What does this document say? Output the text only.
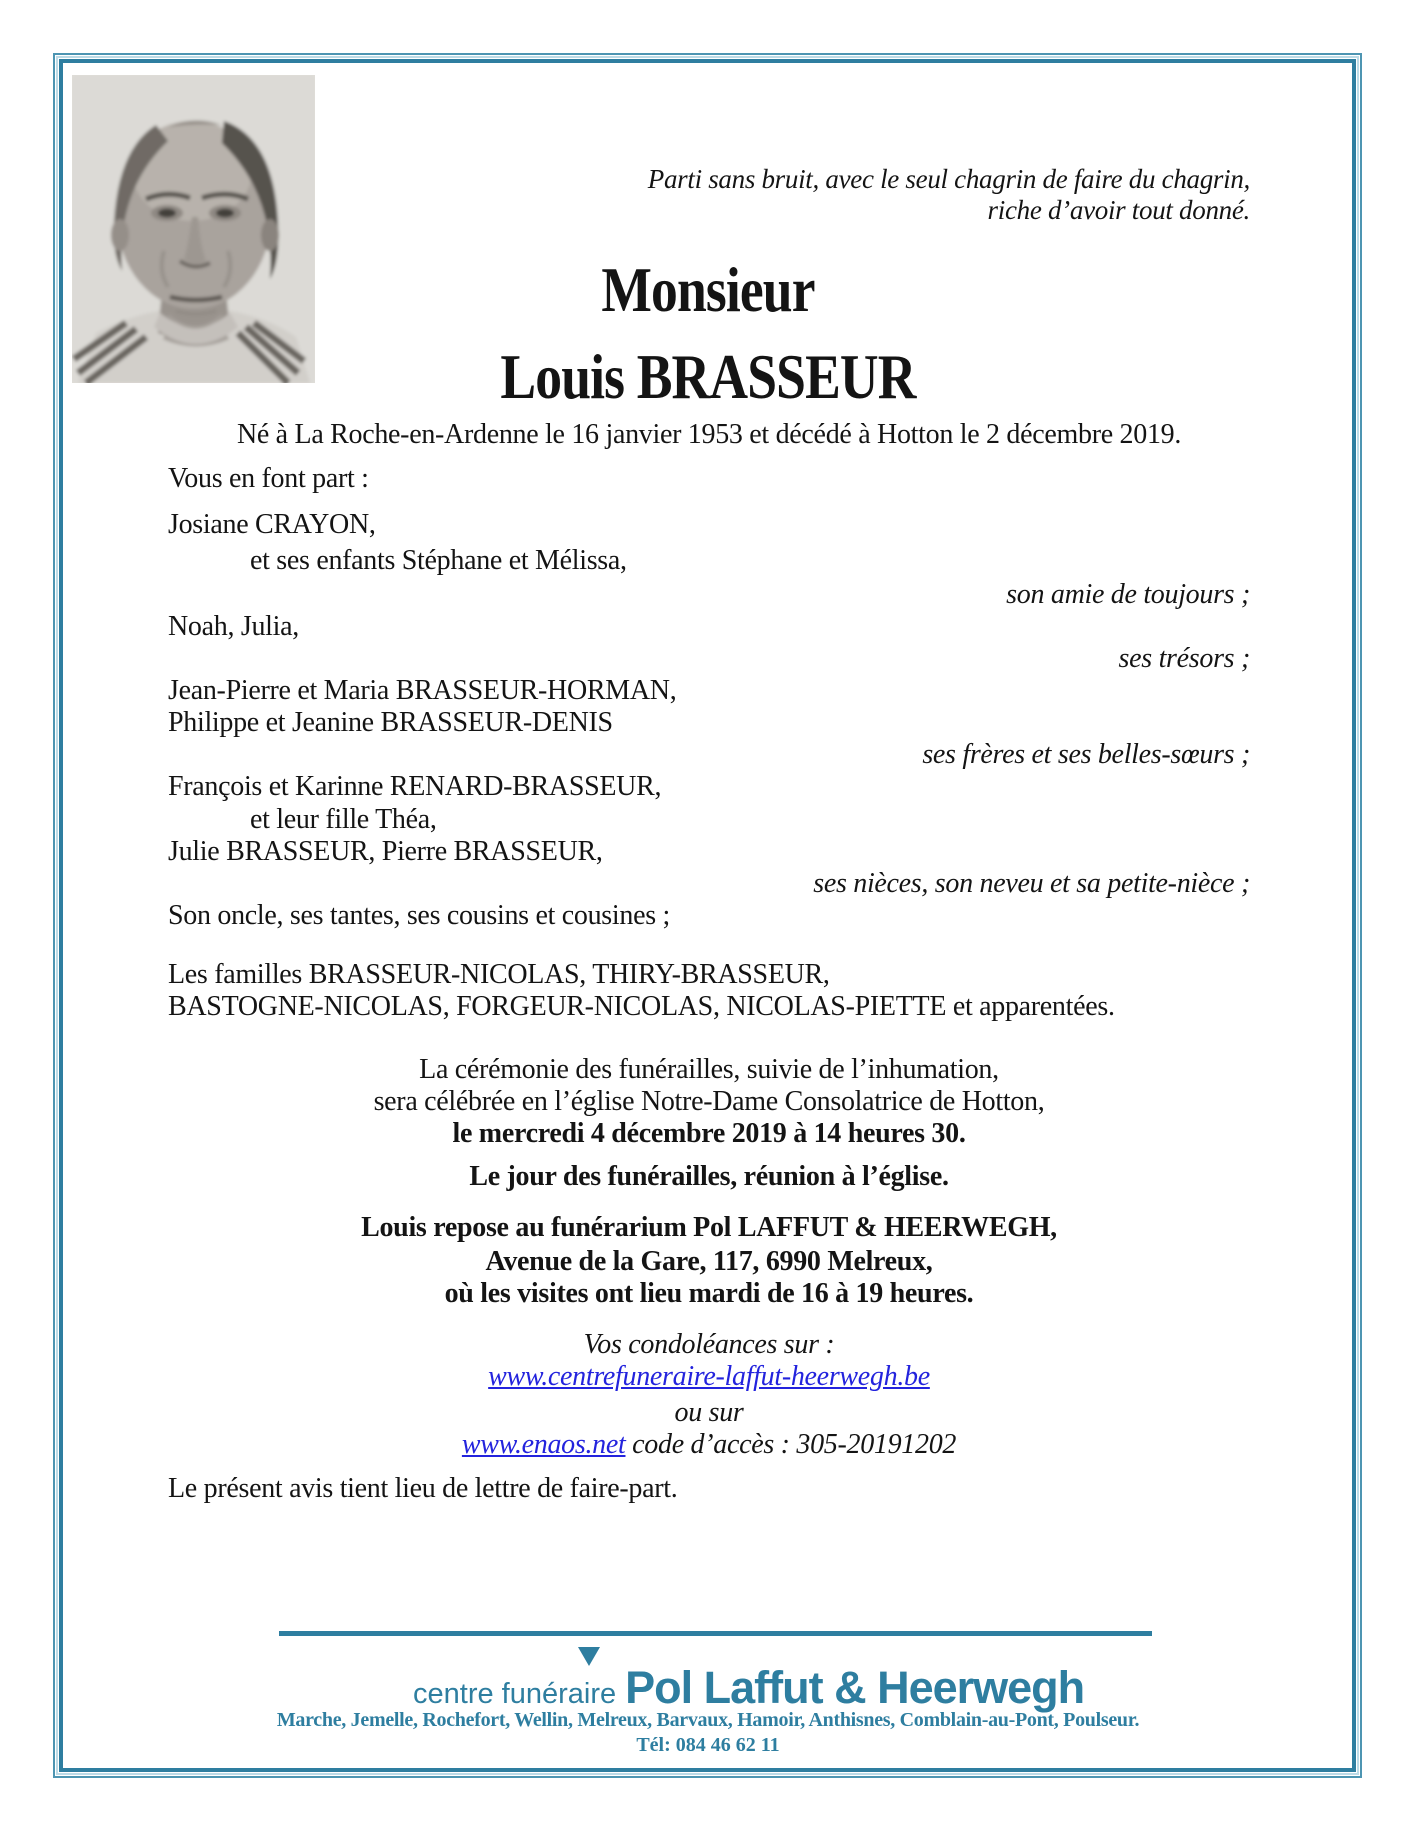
Parti sans bruit, avec le seul chagrin de faire du chagrin,
riche d’avoir tout donné.
Monsieur
Louis BRASSEUR
Né à La Roche-en-Ardenne le 16 janvier 1953 et décédé à Hotton le 2 décembre 2019.
Vous en font part :
Josiane CRAYON,
et ses enfants Stéphane et Mélissa,
son amie de toujours ;
Noah, Julia,
ses trésors ;
Jean-Pierre et Maria BRASSEUR-HORMAN,
Philippe et Jeanine BRASSEUR-DENIS
ses frères et ses belles-sœurs ;
François et Karinne RENARD-BRASSEUR,
et leur fille Théa,
Julie BRASSEUR, Pierre BRASSEUR,
ses nièces, son neveu et sa petite-nièce ;
Son oncle, ses tantes, ses cousins et cousines ;
Les familles BRASSEUR-NICOLAS, THIRY-BRASSEUR,
BASTOGNE-NICOLAS, FORGEUR-NICOLAS, NICOLAS-PIETTE et apparentées.
La cérémonie des funérailles, suivie de l’inhumation,
sera célébrée en l’église Notre-Dame Consolatrice de Hotton,
le mercredi 4 décembre 2019 à 14 heures 30.
Le jour des funérailles, réunion à l’église.
Louis repose au funérarium Pol LAFFUT & HEERWEGH,
Avenue de la Gare, 117, 6990 Melreux,
où les visites ont lieu mardi de 16 à 19 heures.
Vos condoléances sur :
www.centrefuneraire-laffut-heerwegh.be
ou sur
www.enaos.net code d’accès : 305-20191202
Le présent avis tient lieu de lettre de faire-part.
centre funéraire Pol Laffut & Heerwegh
Marche, Jemelle, Rochefort, Wellin, Melreux, Barvaux, Hamoir, Anthisnes, Comblain-au-Pont, Poulseur.
Tél: 084 46 62 11
